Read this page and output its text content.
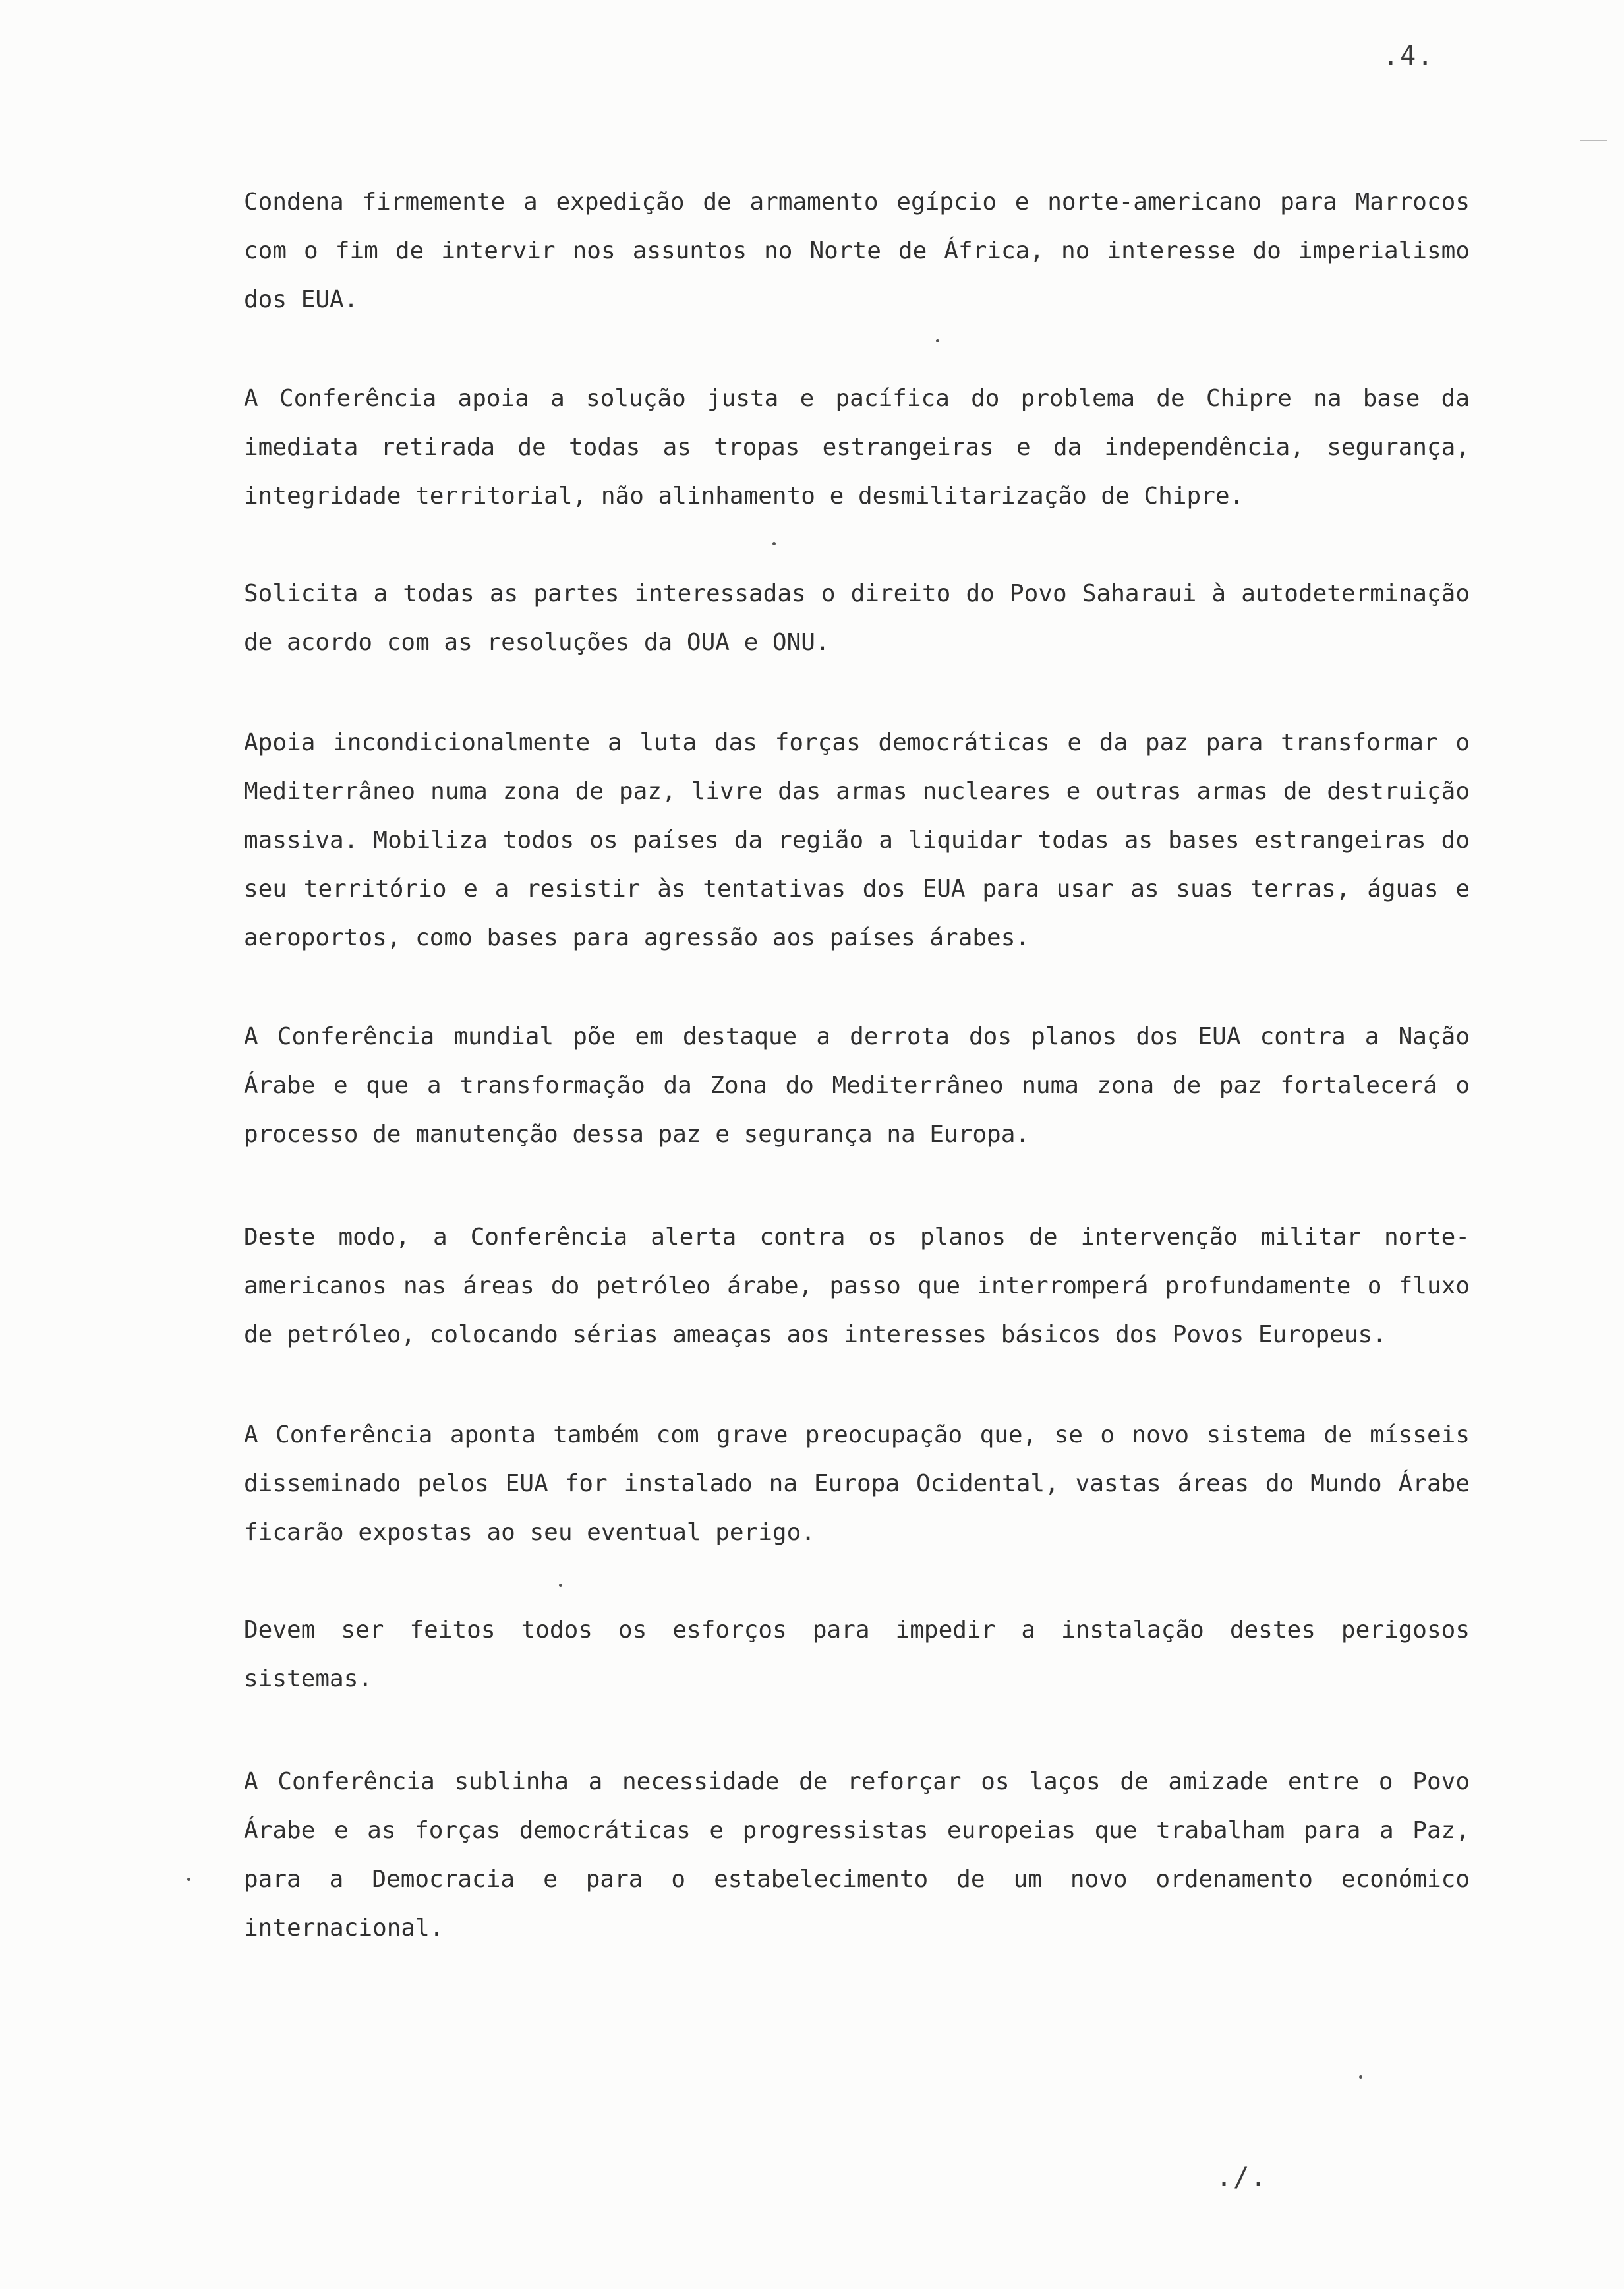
.4.

Condena firmemente a expedição de armamento egípcio e norte-americano para Marrocos com o fim de intervir nos assuntos no Norte de África, no interesse do imperialismo dos EUA.

A Conferência apoia a solução justa e pacífica do problema de Chipre na base da imediata retirada de todas as tropas estrangeiras e da independência, segurança, integridade territorial, não alinhamento e desmilitarização de Chipre.

Solicita a todas as partes interessadas o direito do Povo Saharaui à autodeterminação de acordo com as resoluções da OUA e ONU.

Apoia incondicionalmente a luta das forças democráticas e da paz para transformar o Mediterrâneo numa zona de paz, livre das armas nucleares e outras armas de destruição massiva. Mobiliza todos os países da região a liquidar todas as bases estrangeiras do seu território e a resistir às tentativas dos EUA para usar as suas terras, águas e aeroportos, como bases para agressão aos países árabes.

A Conferência mundial põe em destaque a derrota dos planos dos EUA contra a Nação Árabe e que a transformação da Zona do Mediterrâneo numa zona de paz fortalecerá o processo de manutenção dessa paz e segurança na Europa.

Deste modo, a Conferência alerta contra os planos de intervenção militar norte-americanos nas áreas do petróleo árabe, passo que interromperá profundamente o fluxo de petróleo, colocando sérias ameaças aos interesses básicos dos Povos Europeus.

A Conferência aponta também com grave preocupação que, se o novo sistema de mísseis disseminado pelos EUA for instalado na Europa Ocidental, vastas áreas do Mundo Árabe ficarão expostas ao seu eventual perigo.

Devem ser feitos todos os esforços para impedir a instalação destes perigosos sistemas.

A Conferência sublinha a necessidade de reforçar os laços de amizade entre o Povo Árabe e as forças democráticas e progressistas europeias que trabalham para a Paz, para a Democracia e para o estabelecimento de um novo ordenamento económico internacional.

./.
